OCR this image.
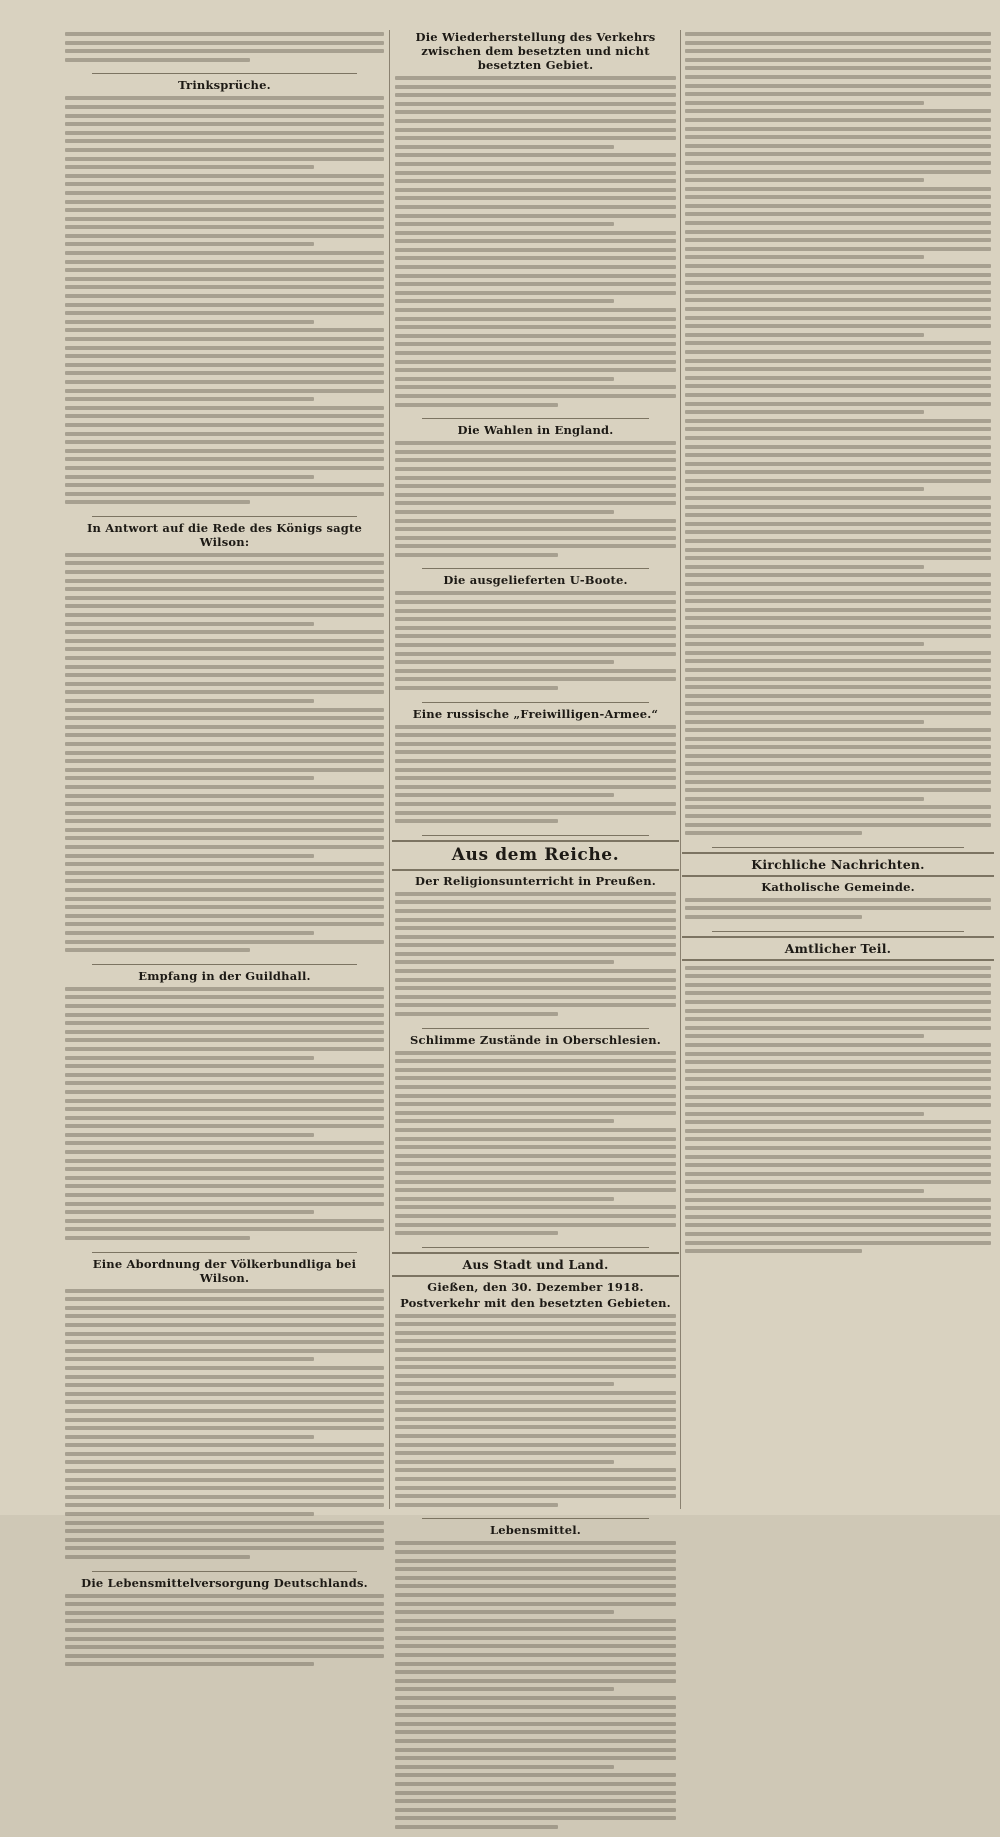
Trinksprüche.
In Antwort auf die Rede des Königs sagte Wilson:
Empfang in der Guildhall.
Eine Abordnung der Völkerbundliga bei Wilson.
Die Lebensmittelversorgung Deutschlands.
Die Wiederherstellung des Verkehrs zwischen dem besetzten und nicht besetzten Gebiet.
Die Wahlen in England.
Die ausgelieferten U-Boote.
Eine russische „Freiwilligen-Armee.“
Aus dem Reiche.
Der Religionsunterricht in Preußen.
Schlimme Zustände in Oberschlesien.
Aus Stadt und Land.
Gießen, den 30. Dezember 1918.
Postverkehr mit den besetzten Gebieten.
Lebensmittel.
Kirchliche Nachrichten.
Katholische Gemeinde.
Amtlicher Teil.
